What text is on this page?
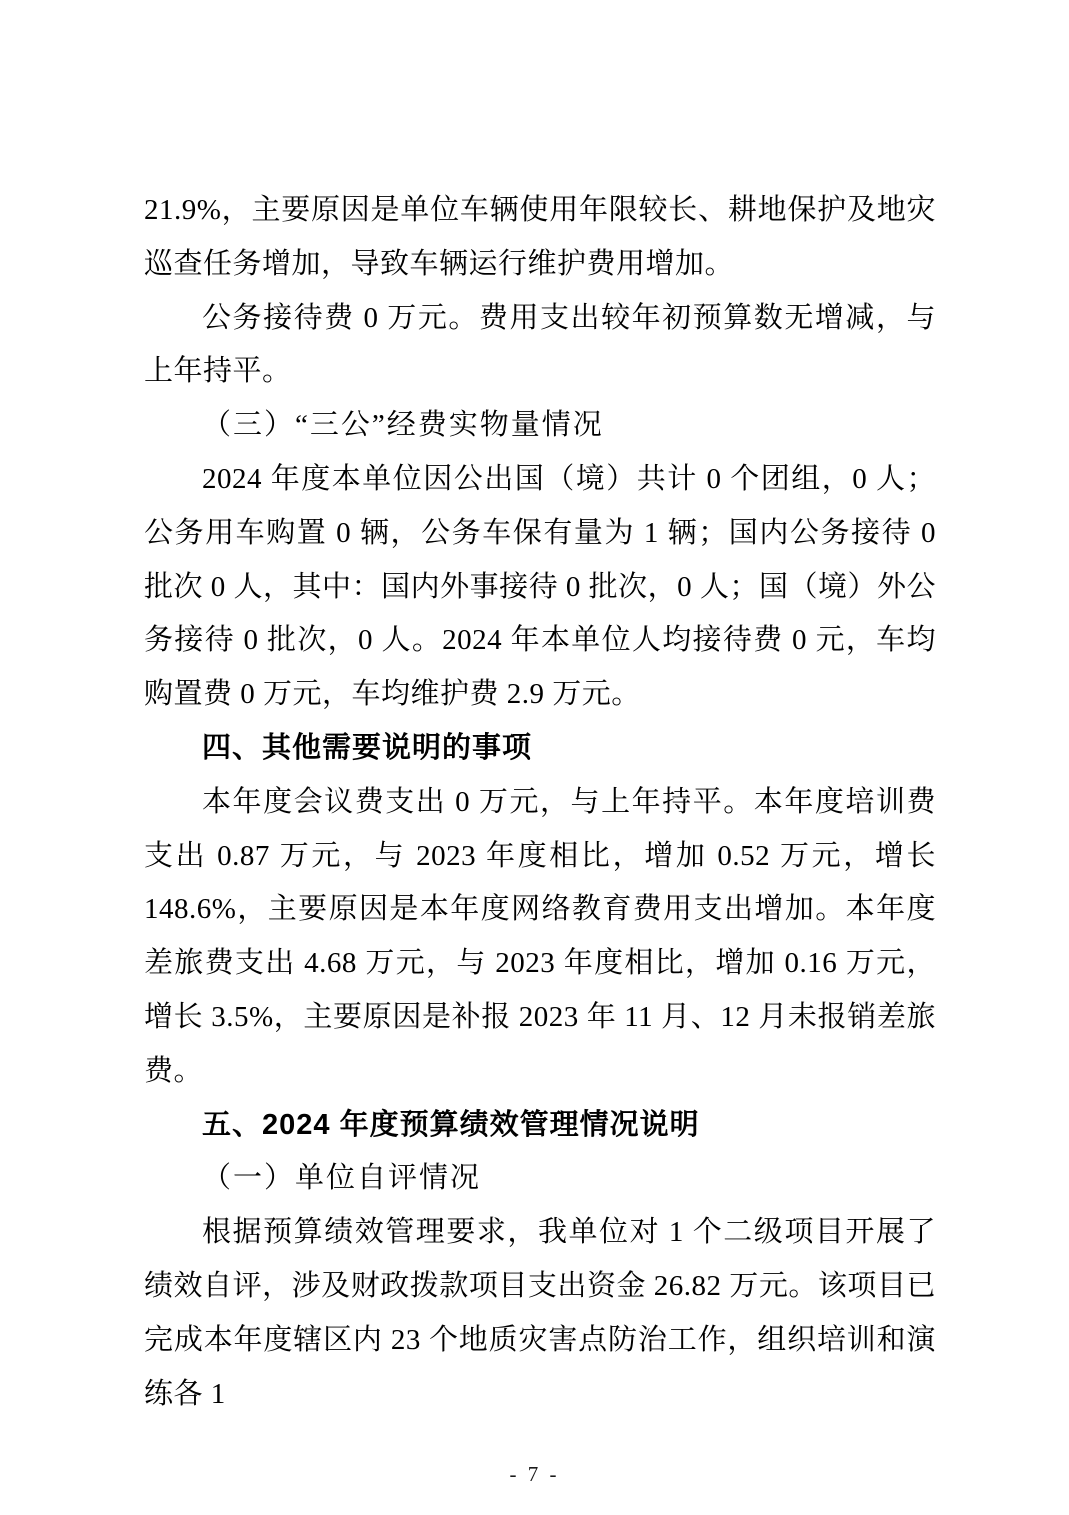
21.9%，主要原因是单位车辆使用年限较长、耕地保护及地灾巡查任务增加，导致车辆运行维护费用增加。

公务接待费 0 万元。费用支出较年初预算数无增减，与上年持平。

（三）“三公”经费实物量情况

2024 年度本单位因公出国（境）共计 0 个团组，0 人；公务用车购置 0 辆，公务车保有量为 1 辆；国内公务接待 0 批次 0 人，其中：国内外事接待 0 批次，0 人；国（境）外公务接待 0 批次，0 人。2024 年本单位人均接待费 0 元，车均购置费 0 万元，车均维护费 2.9 万元。

四、其他需要说明的事项

本年度会议费支出 0 万元，与上年持平。本年度培训费支出 0.87 万元，与 2023 年度相比，增加 0.52 万元，增长 148.6%，主要原因是本年度网络教育费用支出增加。本年度差旅费支出 4.68 万元，与 2023 年度相比，增加 0.16 万元，增长 3.5%，主要原因是补报 2023 年 11 月、12 月未报销差旅费。

五、2024 年度预算绩效管理情况说明

（一）单位自评情况

根据预算绩效管理要求，我单位对 1 个二级项目开展了绩效自评，涉及财政拨款项目支出资金 26.82 万元。该项目已完成本年度辖区内 23 个地质灾害点防治工作，组织培训和演练各 1

- 7 -
